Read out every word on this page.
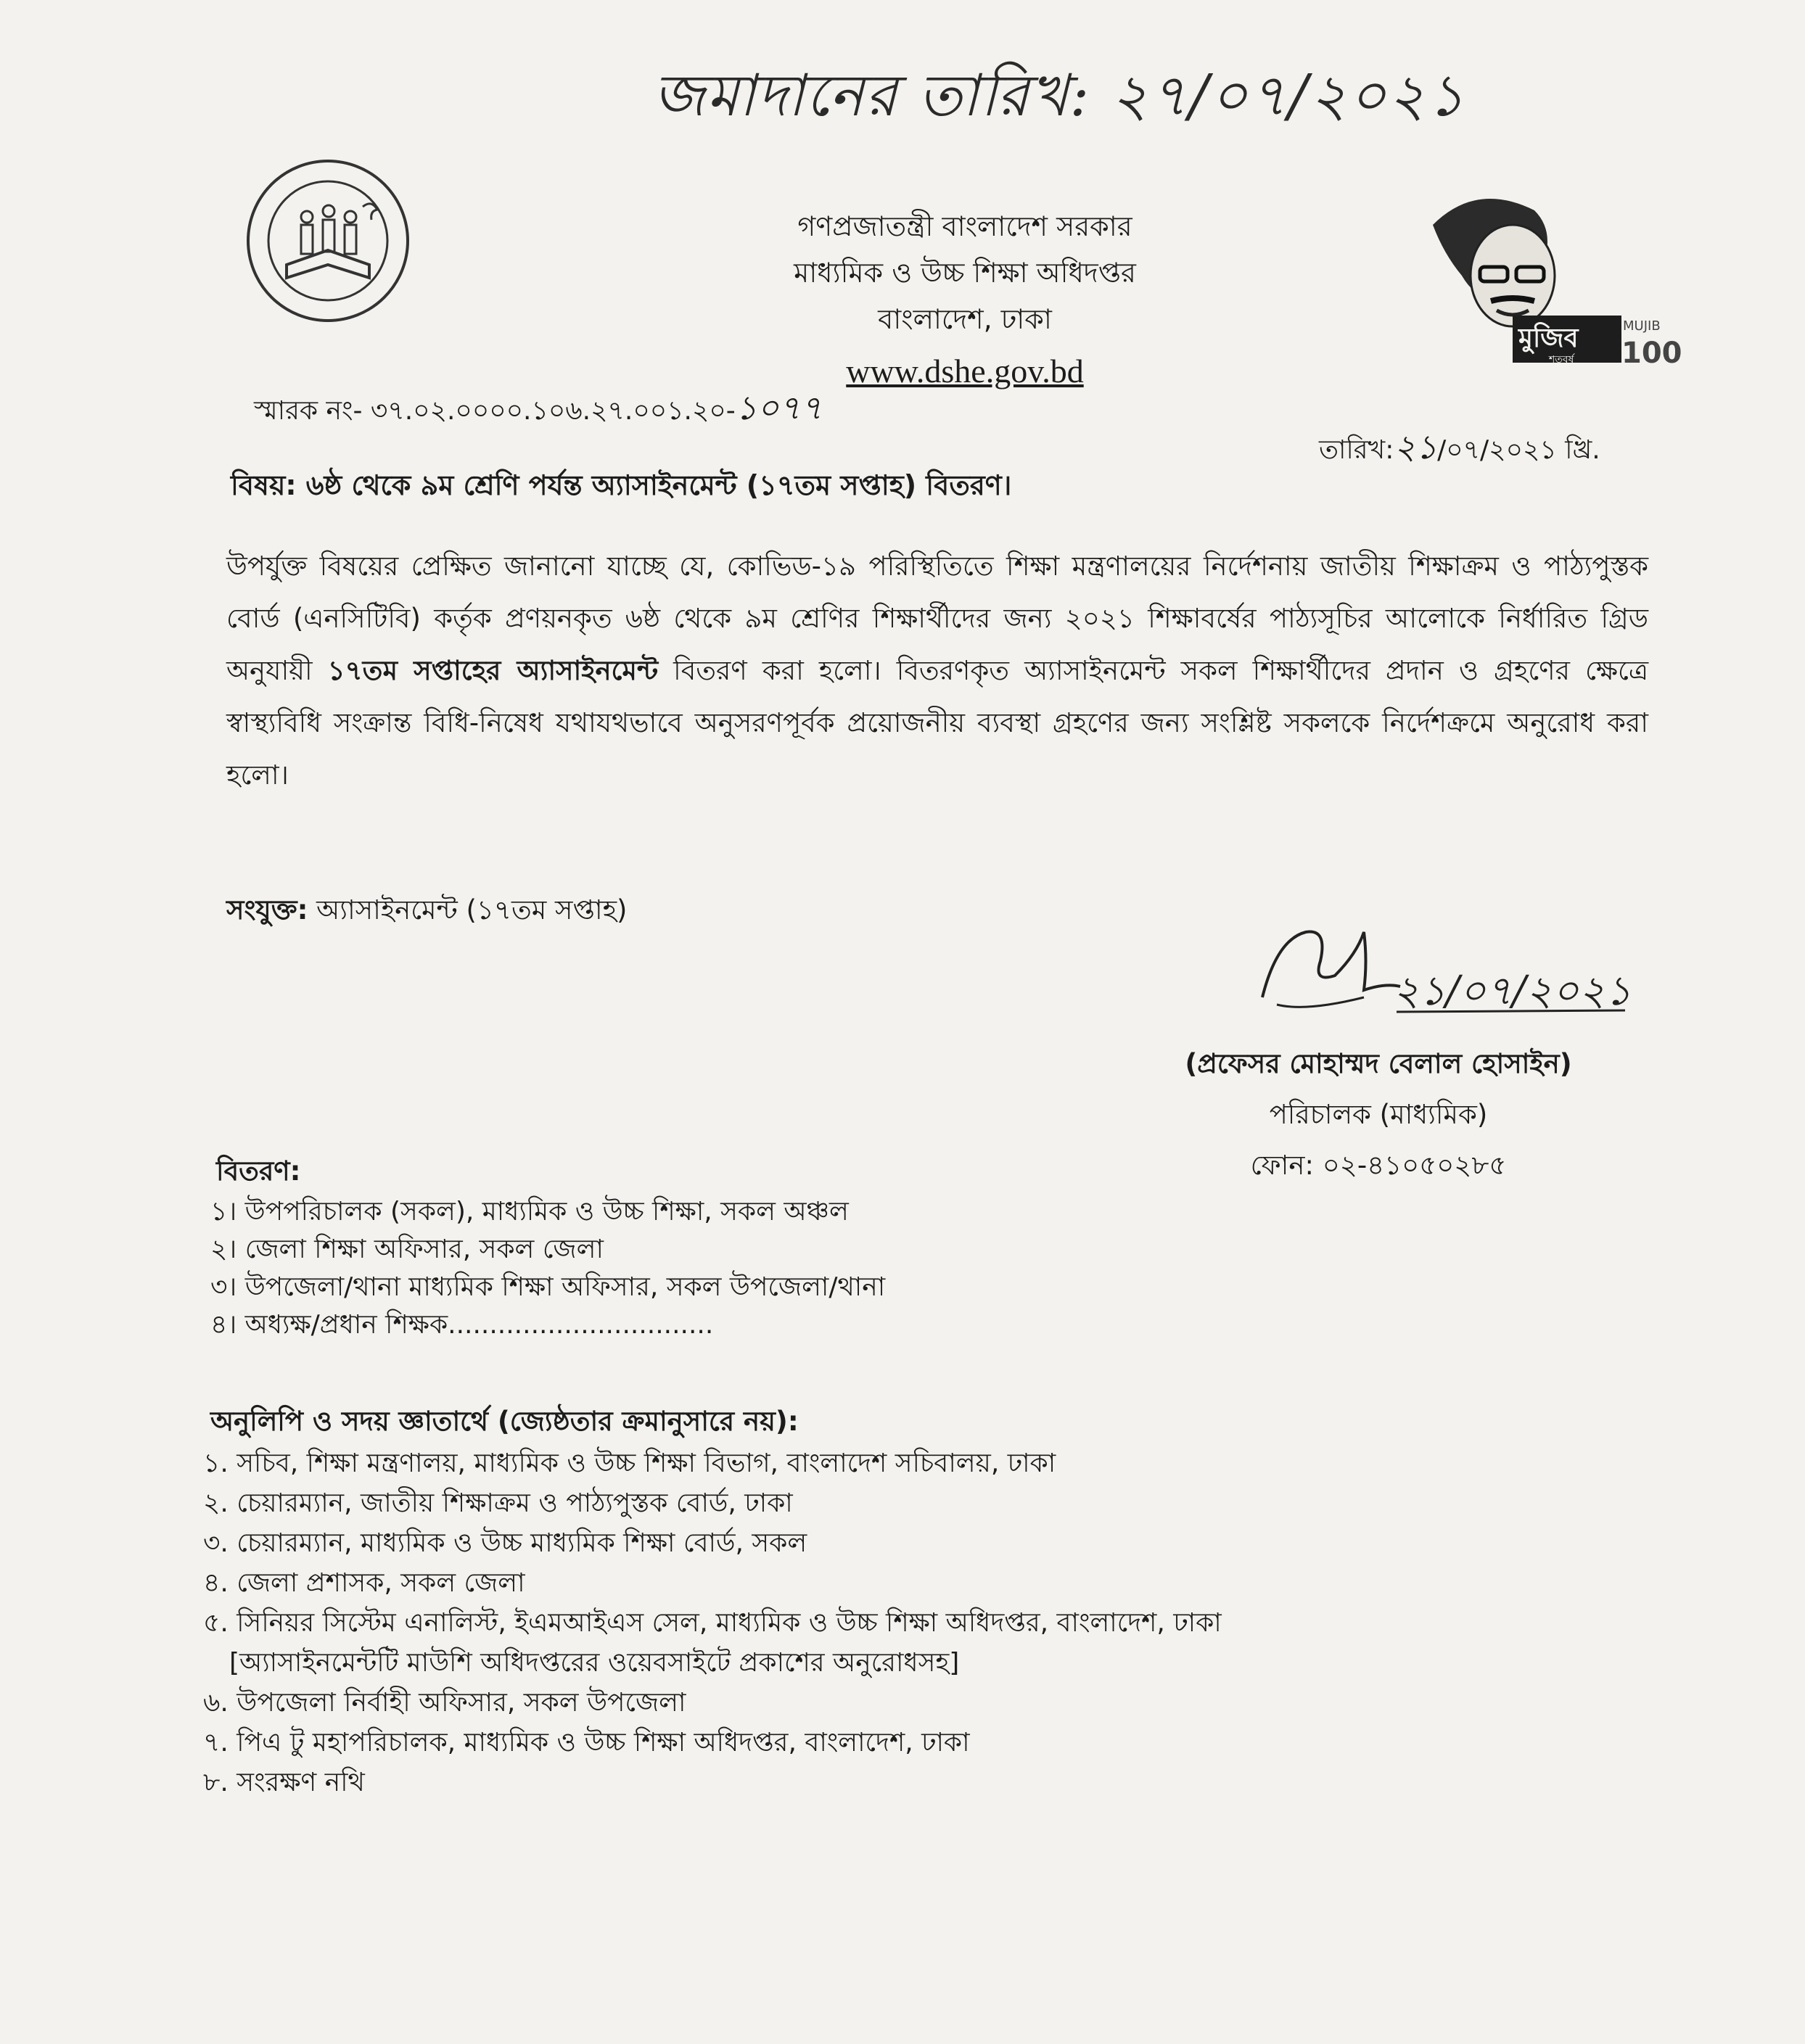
জমাদানের তারিখ: ২৭/০৭/২০২১
মুজিব
শতবর্ষ
MUJIB
100
গণপ্রজাতন্ত্রী বাংলাদেশ সরকার
মাধ্যমিক ও উচ্চ শিক্ষা অধিদপ্তর
বাংলাদেশ, ঢাকা
www.dshe.gov.bd
স্মারক নং- ৩৭.০২.০০০০.১০৬.২৭.০০১.২০-১০৭৭
তারিখ:২১/০৭/২০২১ খ্রি.
বিষয়: ৬ষ্ঠ থেকে ৯ম শ্রেণি পর্যন্ত অ্যাসাইনমেন্ট (১৭তম সপ্তাহ) বিতরণ।
উপর্যুক্ত বিষয়ের প্রেক্ষিত জানানো যাচ্ছে যে, কোভিড-১৯ পরিস্থিতিতে শিক্ষা মন্ত্রণালয়ের নির্দেশনায় জাতীয় শিক্ষাক্রম ও পাঠ্যপুস্তক বোর্ড (এনসিটিবি) কর্তৃক প্রণয়নকৃত ৬ষ্ঠ থেকে ৯ম শ্রেণির শিক্ষার্থীদের জন্য ২০২১ শিক্ষাবর্ষের পাঠ্যসূচির আলোকে নির্ধারিত গ্রিড অনুযায়ী ১৭তম সপ্তাহের অ্যাসাইনমেন্ট বিতরণ করা হলো। বিতরণকৃত অ্যাসাইনমেন্ট সকল শিক্ষার্থীদের প্রদান ও গ্রহণের ক্ষেত্রে স্বাস্থ্যবিধি সংক্রান্ত বিধি-নিষেধ যথাযথভাবে অনুসরণপূর্বক প্রয়োজনীয় ব্যবস্থা গ্রহণের জন্য সংশ্লিষ্ট সকলকে নির্দেশক্রমে অনুরোধ করা হলো।
সংযুক্ত: অ্যাসাইনমেন্ট (১৭তম সপ্তাহ)
২১/০৭/২০২১
(প্রফেসর মোহাম্মদ বেলাল হোসাইন)
পরিচালক (মাধ্যমিক)
ফোন: ০২-৪১০৫০২৮৫
বিতরণ:
১। উপপরিচালক (সকল), মাধ্যমিক ও উচ্চ শিক্ষা, সকল অঞ্চল
২। জেলা শিক্ষা অফিসার, সকল জেলা
৩। উপজেলা/থানা মাধ্যমিক শিক্ষা অফিসার, সকল উপজেলা/থানা
৪। অধ্যক্ষ/প্রধান শিক্ষক................................
অনুলিপি ও সদয় জ্ঞাতার্থে (জ্যেষ্ঠতার ক্রমানুসারে নয়):
১. সচিব, শিক্ষা মন্ত্রণালয়, মাধ্যমিক ও উচ্চ শিক্ষা বিভাগ, বাংলাদেশ সচিবালয়, ঢাকা
২. চেয়ারম্যান, জাতীয় শিক্ষাক্রম ও পাঠ্যপুস্তক বোর্ড, ঢাকা
৩. চেয়ারম্যান, মাধ্যমিক ও উচ্চ মাধ্যমিক শিক্ষা বোর্ড, সকল
৪. জেলা প্রশাসক, সকল জেলা
৫. সিনিয়র সিস্টেম এনালিস্ট, ইএমআইএস সেল, মাধ্যমিক ও উচ্চ শিক্ষা অধিদপ্তর, বাংলাদেশ, ঢাকা
[অ্যাসাইনমেন্টটি মাউশি অধিদপ্তরের ওয়েবসাইটে প্রকাশের অনুরোধসহ]
৬. উপজেলা নির্বাহী অফিসার, সকল উপজেলা
৭. পিএ টু মহাপরিচালক, মাধ্যমিক ও উচ্চ শিক্ষা অধিদপ্তর, বাংলাদেশ, ঢাকা
৮. সংরক্ষণ নথি
